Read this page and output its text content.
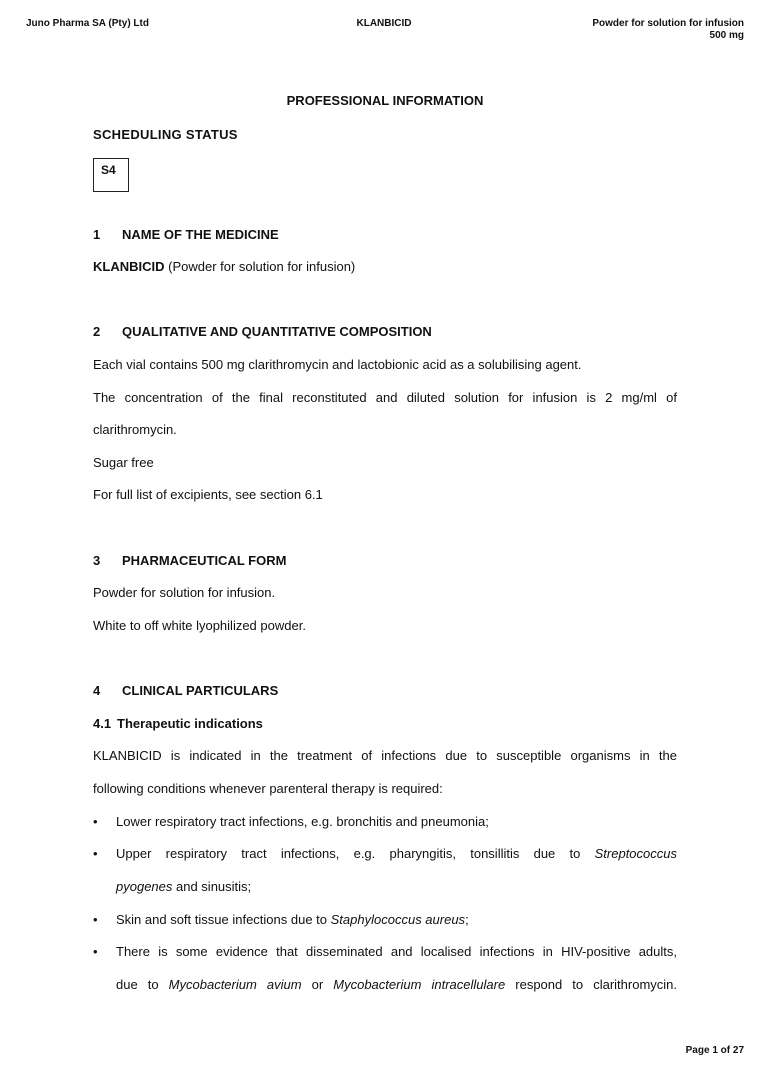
KLANBICID
Juno Pharma SA (Pty) Ltd	Powder for solution for infusion
500 mg
PROFESSIONAL INFORMATION
SCHEDULING STATUS
S4
1 NAME OF THE MEDICINE
KLANBICID (Powder for solution for infusion)
2 QUALITATIVE AND QUANTITATIVE COMPOSITION
Each vial contains 500 mg clarithromycin and lactobionic acid as a solubilising agent.
The concentration of the final reconstituted and diluted solution for infusion is 2 mg/ml of
clarithromycin.
Sugar free
For full list of excipients, see section 6.1
3 PHARMACEUTICAL FORM
Powder for solution for infusion.
White to off white lyophilized powder.
4 CLINICAL PARTICULARS
4.1 Therapeutic indications
KLANBICID is indicated in the treatment of infections due to susceptible organisms in the
following conditions whenever parenteral therapy is required:
• Lower respiratory tract infections, e.g. bronchitis and pneumonia;
• Upper respiratory tract infections, e.g. pharyngitis, tonsillitis due to Streptococcus
pyogenes and sinusitis;
• Skin and soft tissue infections due to Staphylococcus aureus;
• There is some evidence that disseminated and localised infections in HIV-positive adults,
due to Mycobacterium avium or Mycobacterium intracellulare respond to clarithromycin.
Page 1 of 27
